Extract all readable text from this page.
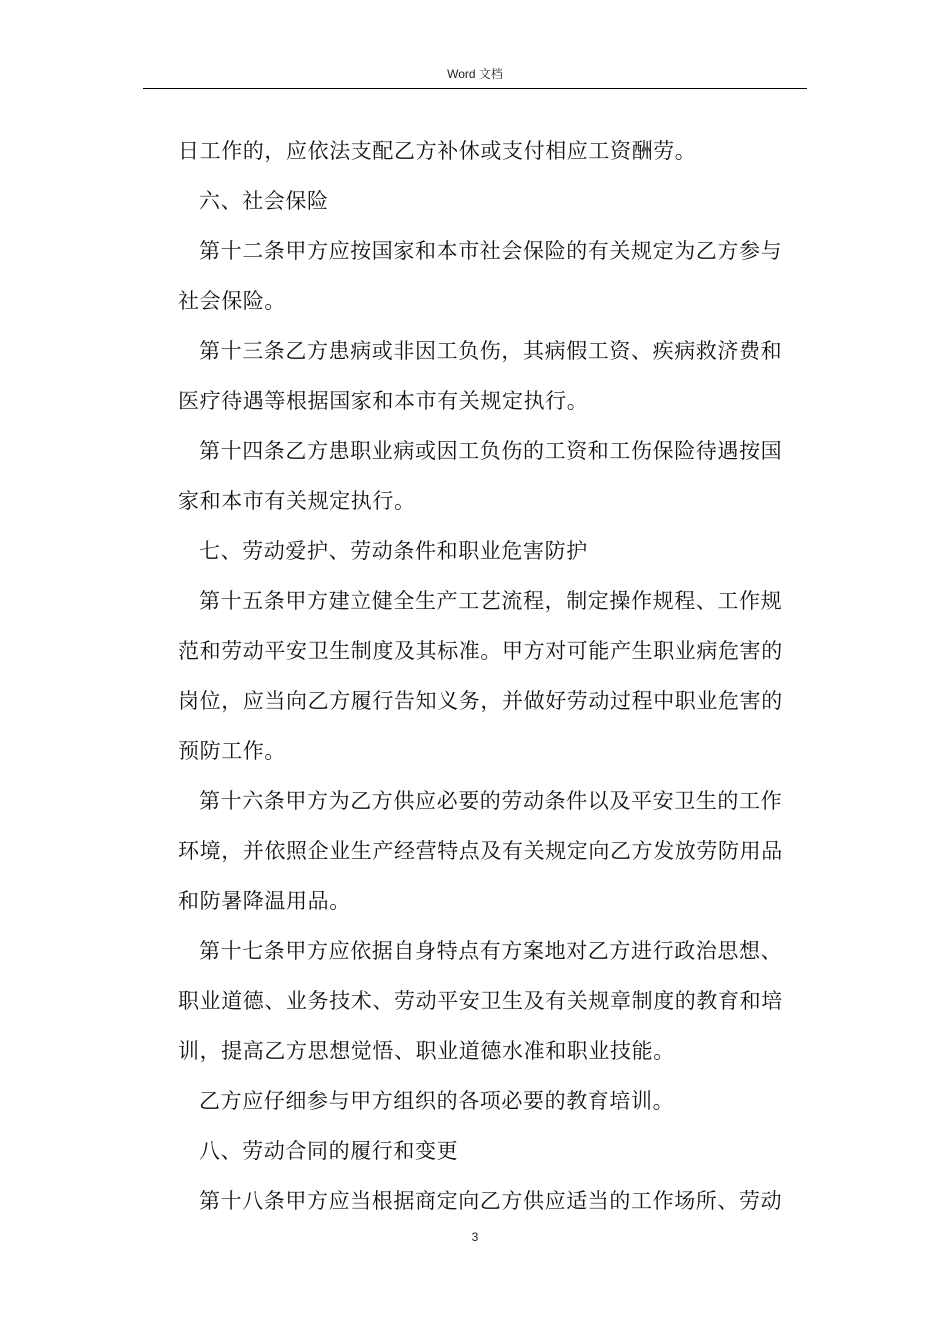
Word 文档
日工作的，应依法支配乙方补休或支付相应工资酬劳。
六、社会保险
第十二条甲方应按国家和本市社会保险的有关规定为乙方参与
社会保险。
第十三条乙方患病或非因工负伤，其病假工资、疾病救济费和
医疗待遇等根据国家和本市有关规定执行。
第十四条乙方患职业病或因工负伤的工资和工伤保险待遇按国
家和本市有关规定执行。
七、劳动爱护、劳动条件和职业危害防护
第十五条甲方建立健全生产工艺流程，制定操作规程、工作规
范和劳动平安卫生制度及其标准。甲方对可能产生职业病危害的
岗位，应当向乙方履行告知义务，并做好劳动过程中职业危害的
预防工作。
第十六条甲方为乙方供应必要的劳动条件以及平安卫生的工作
环境，并依照企业生产经营特点及有关规定向乙方发放劳防用品
和防暑降温用品。
第十七条甲方应依据自身特点有方案地对乙方进行政治思想、
职业道德、业务技术、劳动平安卫生及有关规章制度的教育和培
训，提高乙方思想觉悟、职业道德水准和职业技能。
乙方应仔细参与甲方组织的各项必要的教育培训。
八、劳动合同的履行和变更
第十八条甲方应当根据商定向乙方供应适当的工作场所、劳动
3
